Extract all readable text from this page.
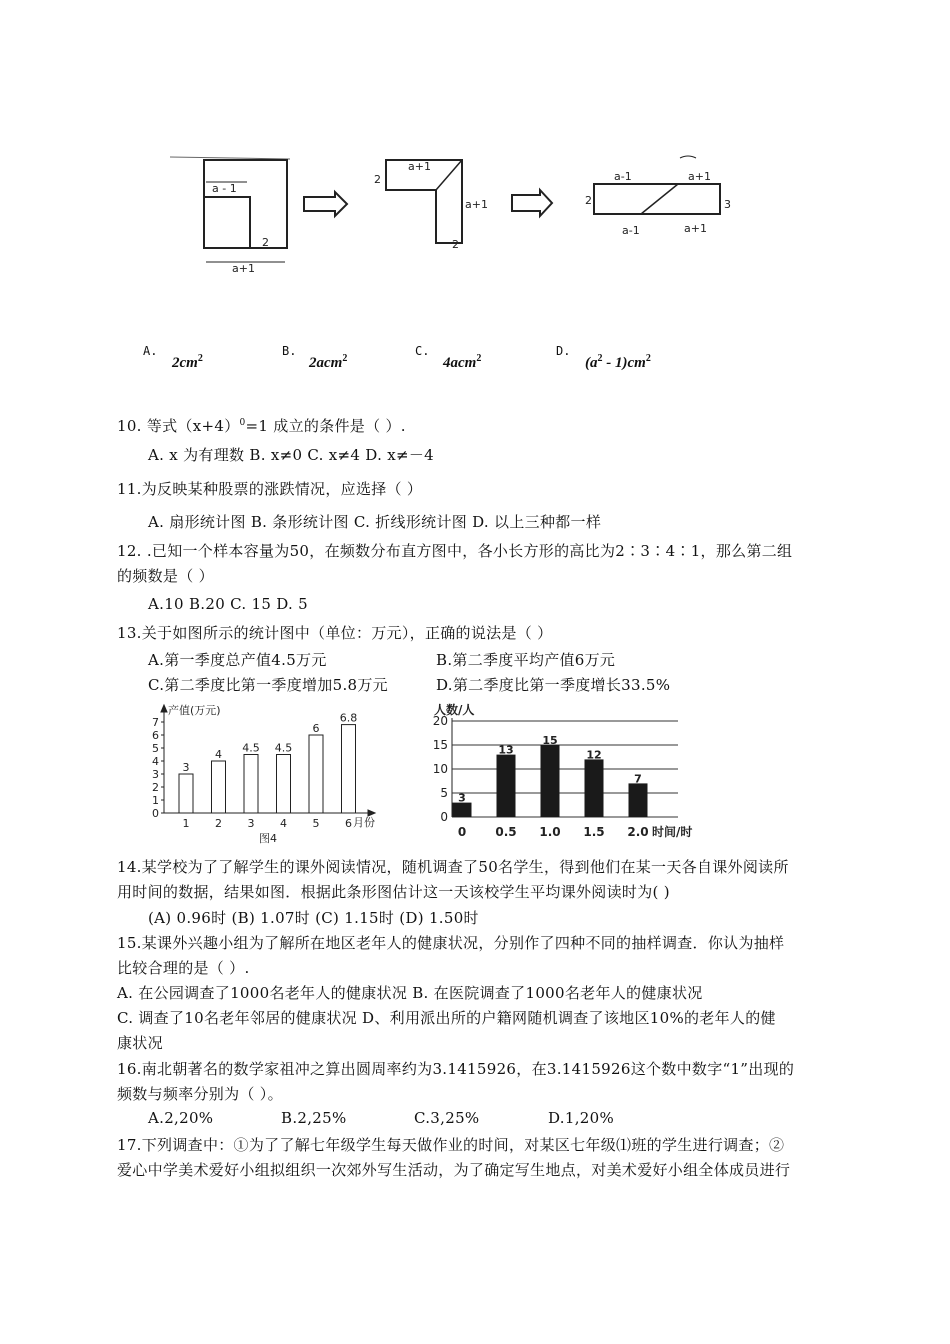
a - 1
a+1
2
2
2
a+1
a+1	2
a-1	a+1
a-1	a+1
3
A.
$2cm^2$
B.
2acm$^2$
C.
4acm$^2$
D.
$(a^2 - 1)cm^2$
10. 等式$(x+4)^0=1$ 成立的条件是（ ）.
A. x 为有理数 B. x≠0 C. x≠4 D. x≠－4
11.为反映某种股票的涨跌情况，应选择（ ）
A. 扇形统计图 B. 条形统计图 C. 折线形统计图 D. 以上三种都一样
12. .已知一个样本容量为50，在频数分布直方图中，各小长方形的高比为2∶3∶4∶1，那么第二组
的频数是（ ）
A.10 B.20 C. 15 D. 5
13.关于如图所示的统计图中（单位：万元），正确的说法是（ ）
A.第一季度总产值4.5万元	B.第二季度平均产值6万元
C.第二季度比第一季度增加5.8万元	D.第二季度比第一季度增长33.5%
0
1
2
3
4
5
6
7
3
1
4
2
4.5
3
4.5
4
6
5
6.8
6
产值(万元)
月份
图4
0
5
10
15
20
3
0
13
0.5
15
1.0
12
1.5
7
2.0
人数/人
时间/时
14.某学校为了了解学生的课外阅读情况，随机调查了50名学生，得到他们在某一天各自课外阅读所
用时间的数据，结果如图．根据此条形图估计这一天该校学生平均课外阅读时为( )
(A) 0.96时 (B) 1.07时 (C) 1.15时 (D) 1.50时
15.某课外兴趣小组为了解所在地区老年人的健康状况，分别作了四种不同的抽样调查．你认为抽样
比较合理的是（ ）.
A. 在公园调查了1000名老年人的健康状况 B. 在医院调查了1000名老年人的健康状况
C. 调查了10名老年邻居的健康状况 D、利用派出所的户籍网随机调查了该地区10%的老年人的健
康状况
16.南北朝著名的数学家祖冲之算出圆周率约为3.1415926，在3.1415926这个数中数字“1”出现的
频数与频率分别为（ ）。
A.2,20%	B.2,25%	C.3,25%	D.1,20%
17.下列调查中：①为了了解七年级学生每天做作业的时间，对某区七年级⑴班的学生进行调查；②
爱心中学美术爱好小组拟组织一次郊外写生活动，为了确定写生地点，对美术爱好小组全体成员进行
